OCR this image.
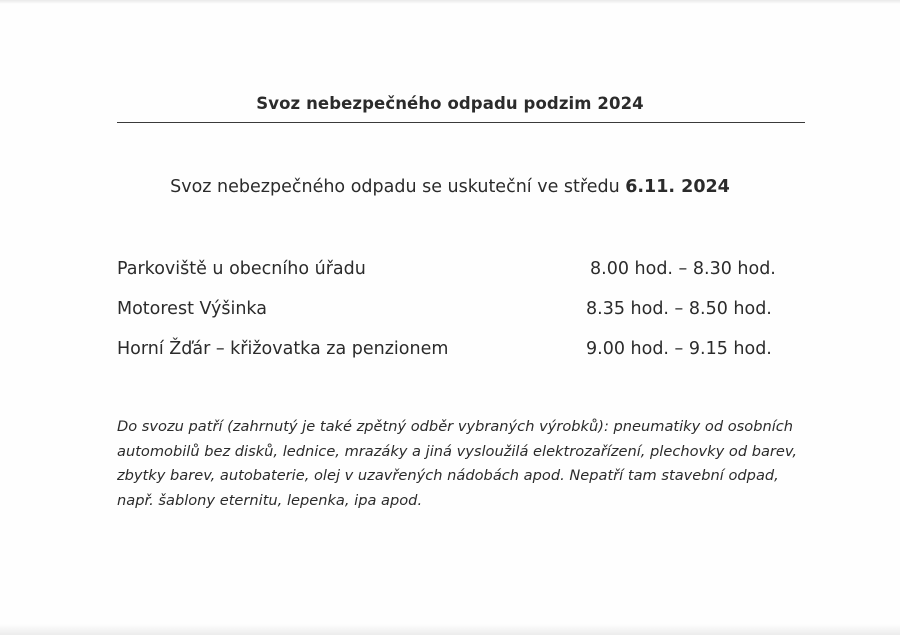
Svoz nebezpečného odpadu podzim 2024
Svoz nebezpečného odpadu se uskuteční ve středu 6.11. 2024
Parkoviště u obecního úřadu	8.00 hod. – 8.30 hod.
Motorest Výšinka	8.35 hod. – 8.50 hod.
Horní Žďár – křižovatka za penzionem	9.00 hod. – 9.15 hod.
Do svozu patří (zahrnutý je také zpětný odběr vybraných výrobků): pneumatiky od osobních
automobilů bez disků, lednice, mrazáky a jiná vysloužilá elektrozařízení, plechovky od barev,
zbytky barev, autobaterie, olej v uzavřených nádobách apod. Nepatří tam stavební odpad,
např. šablony eternitu, lepenka, ipa apod.
